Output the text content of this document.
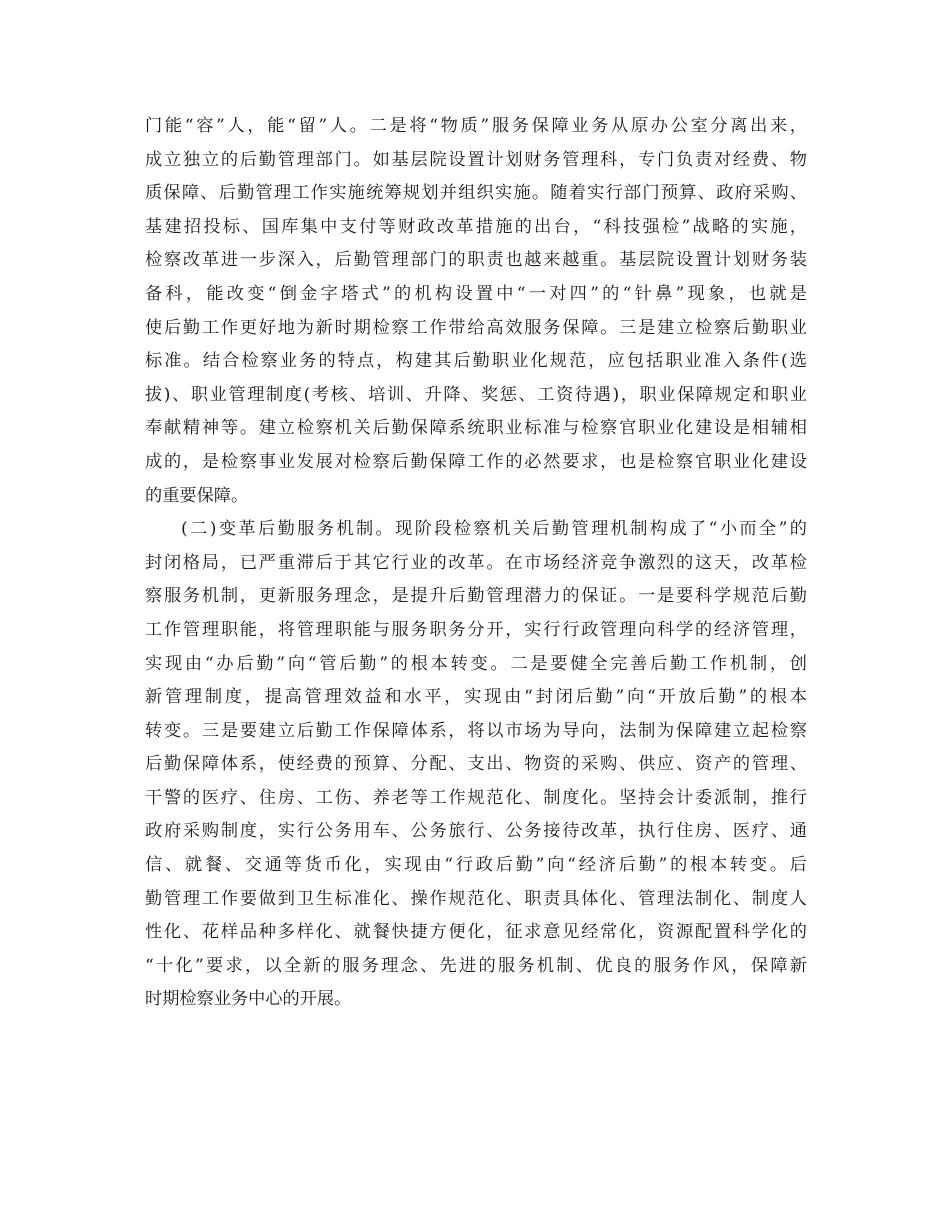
门能“容”人，能“留”人。二是将“物质”服务保障业务从原办公室分离出来，
成立独立的后勤管理部门。如基层院设置计划财务管理科，专门负责对经费、物
质保障、后勤管理工作实施统筹规划并组织实施。随着实行部门预算、政府采购、
基建招投标、国库集中支付等财政改革措施的出台，“科技强检”战略的实施，
检察改革进一步深入，后勤管理部门的职责也越来越重。基层院设置计划财务装
备科，能改变“倒金字塔式”的机构设置中“一对四”的“针鼻”现象，也就是
使后勤工作更好地为新时期检察工作带给高效服务保障。三是建立检察后勤职业
标准。结合检察业务的特点，构建其后勤职业化规范，应包括职业准入条件(选
拔)、职业管理制度(考核、培训、升降、奖惩、工资待遇)，职业保障规定和职业
奉献精神等。建立检察机关后勤保障系统职业标准与检察官职业化建设是相辅相
成的，是检察事业发展对检察后勤保障工作的必然要求，也是检察官职业化建设
的重要保障。
(二)变革后勤服务机制。现阶段检察机关后勤管理机制构成了“小而全”的
封闭格局，已严重滞后于其它行业的改革。在市场经济竞争激烈的这天，改革检
察服务机制，更新服务理念，是提升后勤管理潜力的保证。一是要科学规范后勤
工作管理职能，将管理职能与服务职务分开，实行行政管理向科学的经济管理，
实现由“办后勤”向“管后勤”的根本转变。二是要健全完善后勤工作机制，创
新管理制度，提高管理效益和水平，实现由“封闭后勤”向“开放后勤”的根本
转变。三是要建立后勤工作保障体系，将以市场为导向，法制为保障建立起检察
后勤保障体系，使经费的预算、分配、支出、物资的采购、供应、资产的管理、
干警的医疗、住房、工伤、养老等工作规范化、制度化。坚持会计委派制，推行
政府采购制度，实行公务用车、公务旅行、公务接待改革，执行住房、医疗、通
信、就餐、交通等货币化，实现由“行政后勤”向“经济后勤”的根本转变。后
勤管理工作要做到卫生标准化、操作规范化、职责具体化、管理法制化、制度人
性化、花样品种多样化、就餐快捷方便化，征求意见经常化，资源配置科学化的
“十化”要求，以全新的服务理念、先进的服务机制、优良的服务作风，保障新
时期检察业务中心的开展。
